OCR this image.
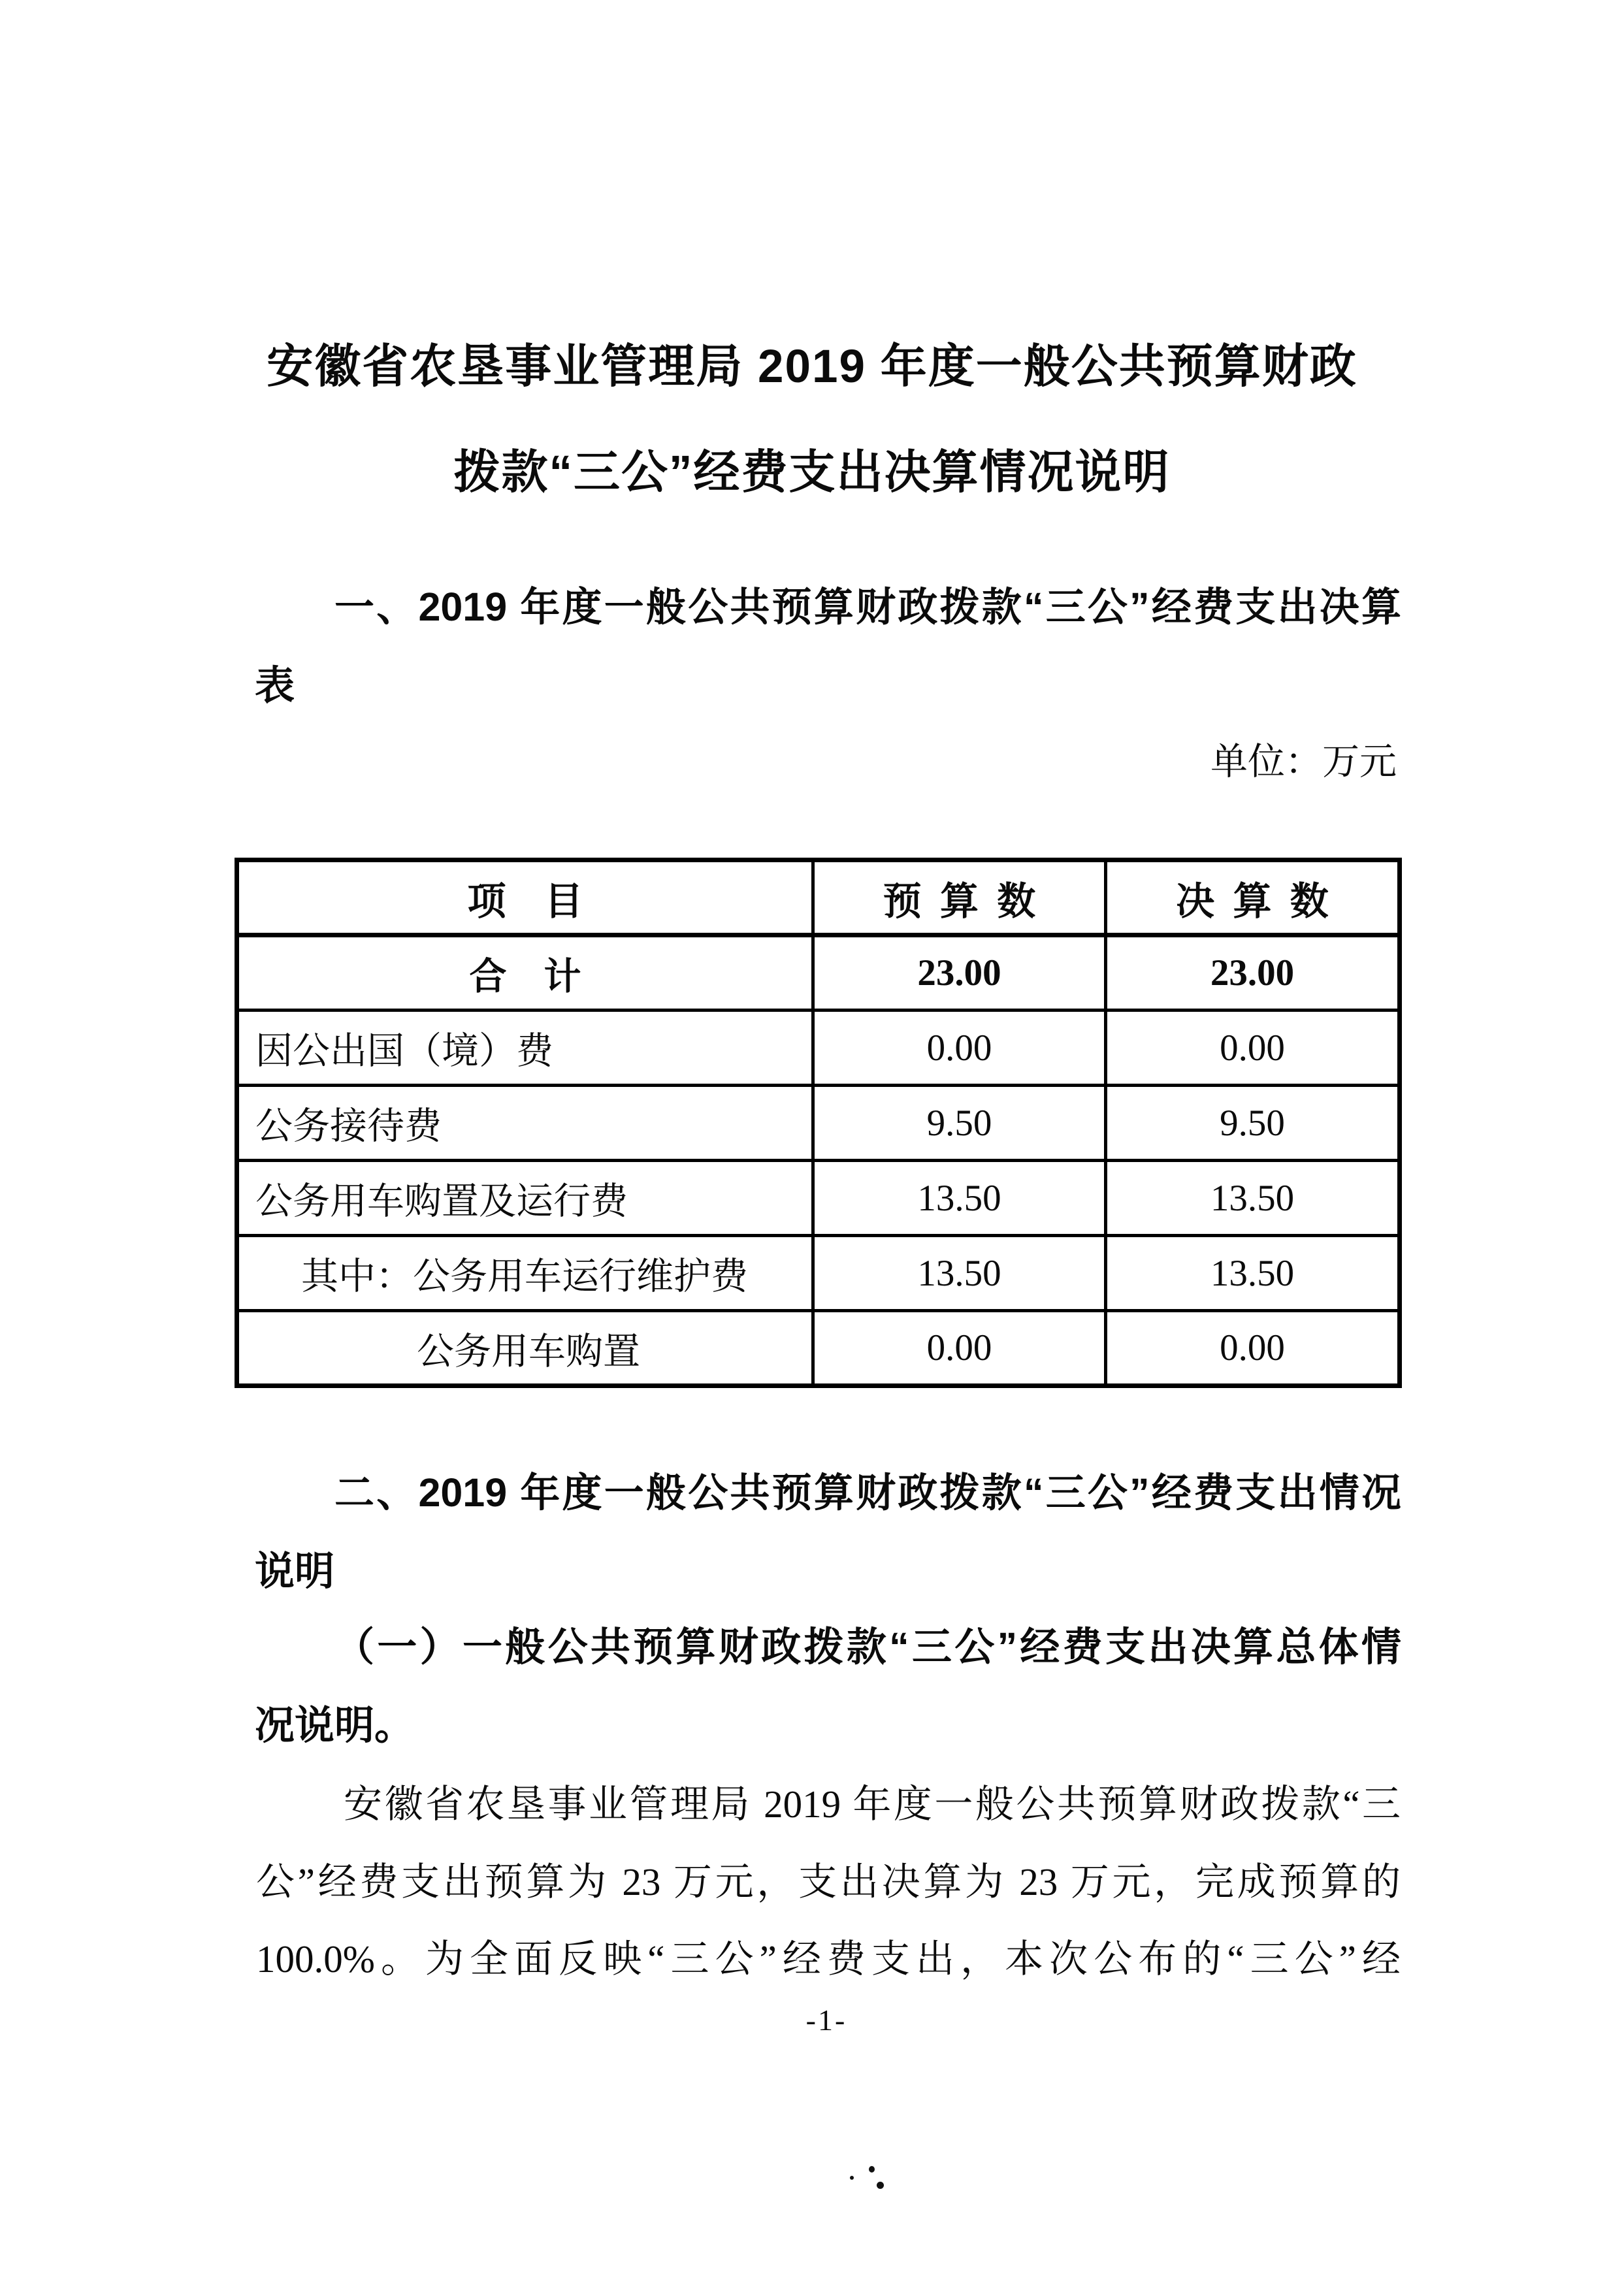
安徽省农垦事业管理局 2019 年度一般公共预算财政
拨款“三公”经费支出决算情况说明
一、2019 年度一般公共预算财政拨款“三公”经费支出决算
表
单位：万元
项目	预算数	决算数
合计	23.00	23.00
因公出国（境）费	0.00	0.00
公务接待费	9.50	9.50
公务用车购置及运行费	13.50	13.50
其中：公务用车运行维护费	13.50	13.50
公务用车购置	0.00	0.00
二、2019 年度一般公共预算财政拨款“三公”经费支出情况
说明
（一）一般公共预算财政拨款“三公”经费支出决算总体情
况说明。
安徽省农垦事业管理局 2019 年度一般公共预算财政拨款“三
公”经费支出预算为 23 万元，支出决算为 23 万元，完成预算的
100.0%。为全面反映“三公”经费支出，本次公布的“三公”经
-1-
